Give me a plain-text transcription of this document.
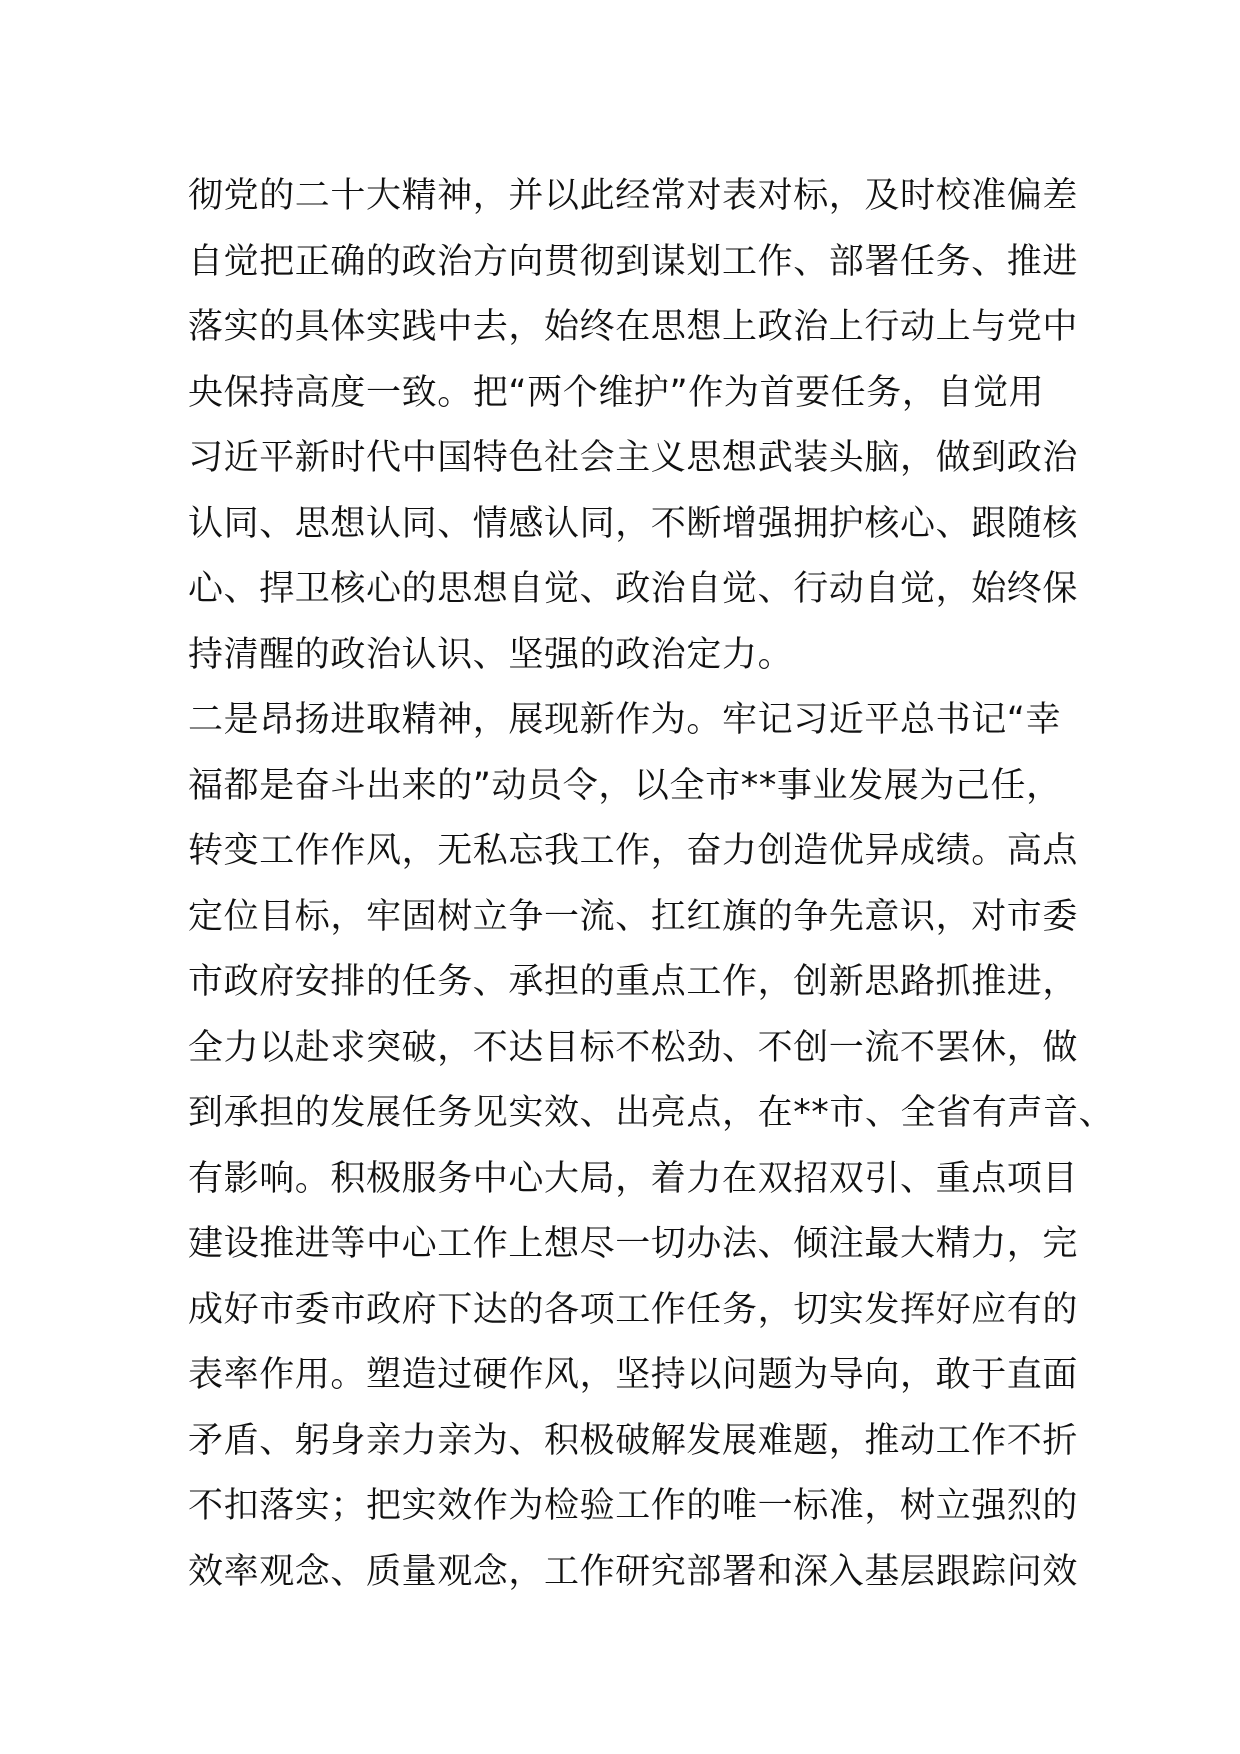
彻党的二十大精神，并以此经常对表对标，及时校准偏差
自觉把正确的政治方向贯彻到谋划工作、部署任务、推进
落实的具体实践中去，始终在思想上政治上行动上与党中
央保持高度一致。把“两个维护”作为首要任务，自觉用
习近平新时代中国特色社会主义思想武装头脑，做到政治
认同、思想认同、情感认同，不断增强拥护核心、跟随核
心、捍卫核心的思想自觉、政治自觉、行动自觉，始终保
持清醒的政治认识、坚强的政治定力。
二是昂扬进取精神，展现新作为。牢记习近平总书记“幸
福都是奋斗出来的”动员令，以全市**事业发展为己任，
转变工作作风，无私忘我工作，奋力创造优异成绩。高点
定位目标，牢固树立争一流、扛红旗的争先意识，对市委
市政府安排的任务、承担的重点工作，创新思路抓推进，
全力以赴求突破，不达目标不松劲、不创一流不罢休，做
到承担的发展任务见实效、出亮点，在**市、全省有声音、
有影响。积极服务中心大局，着力在双招双引、重点项目
建设推进等中心工作上想尽一切办法、倾注最大精力，完
成好市委市政府下达的各项工作任务，切实发挥好应有的
表率作用。塑造过硬作风，坚持以问题为导向，敢于直面
矛盾、躬身亲力亲为、积极破解发展难题，推动工作不折
不扣落实；把实效作为检验工作的唯一标准，树立强烈的
效率观念、质量观念，工作研究部署和深入基层跟踪问效
